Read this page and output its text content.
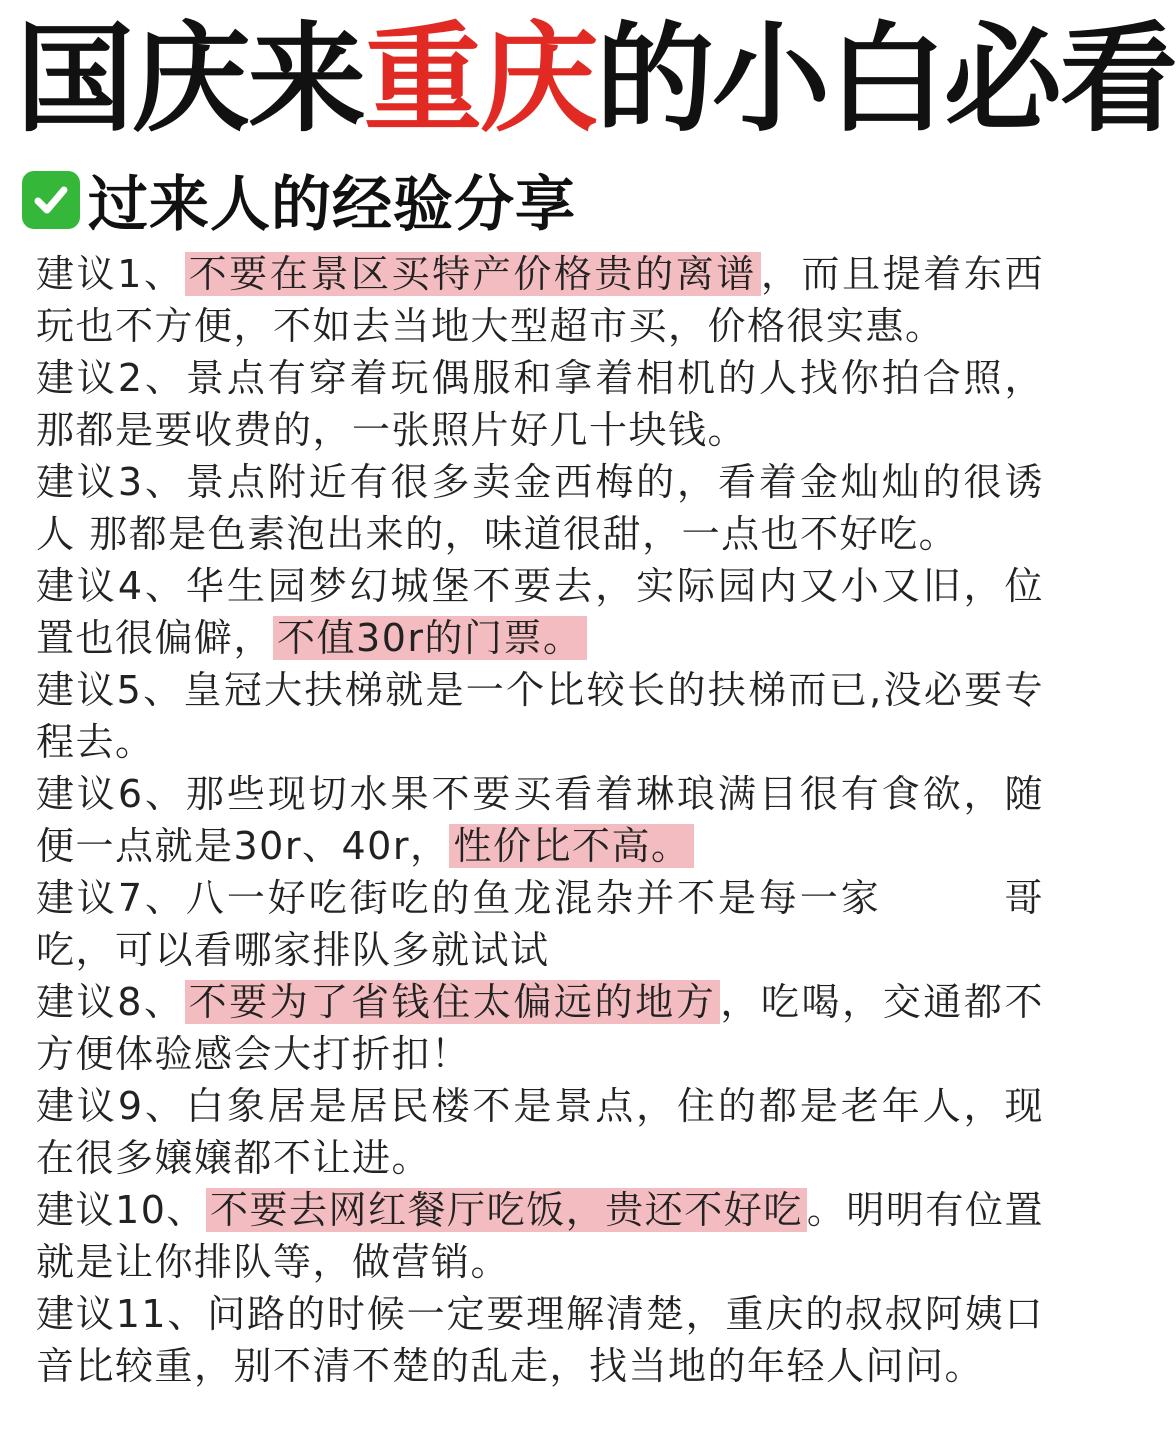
国庆来重庆的小白必看
过来人的经验分享

建议1、 不要在景区买特产价格贵的离谱 ，而且提着东西玩也不方便，不如去当地大型超市买，价格很实惠。

建议2、景点有穿着玩偶服和拿着相机的人找你拍合照，那都是要收费的，一张照片好几十块钱。

建议3、景点附近有很多卖金西梅的，看着金灿灿的很诱人 那都是色素泡出来的，味道很甜，一点也不好吃。

建议4、华生园梦幻城堡不要去，实际园内又小又旧，位置也很偏僻， 不值30r的门票。

建议5、皇冠大扶梯就是一个比较长的扶梯而已,没必要专程去。

建议6、那些现切水果不要买看着琳琅满目很有食欲，随便一点就是30r、40r， 性价比不高。

建议7、八一好吃街吃的鱼龙混杂并不是每一家　　　哥吃，可以看哪家排队多就试试

建议8、 不要为了省钱住太偏远的地方 ，吃喝，交通都不方便体验感会大打折扣！

建议9、白象居是居民楼不是景点，住的都是老年人，现在很多嬢嬢都不让进。

建议10、 不要去网红餐厅吃饭，贵还不好吃 。明明有位置就是让你排队等，做营销。

建议11、问路的时候一定要理解清楚，重庆的叔叔阿姨口音比较重，别不清不楚的乱走，找当地的年轻人问问。
